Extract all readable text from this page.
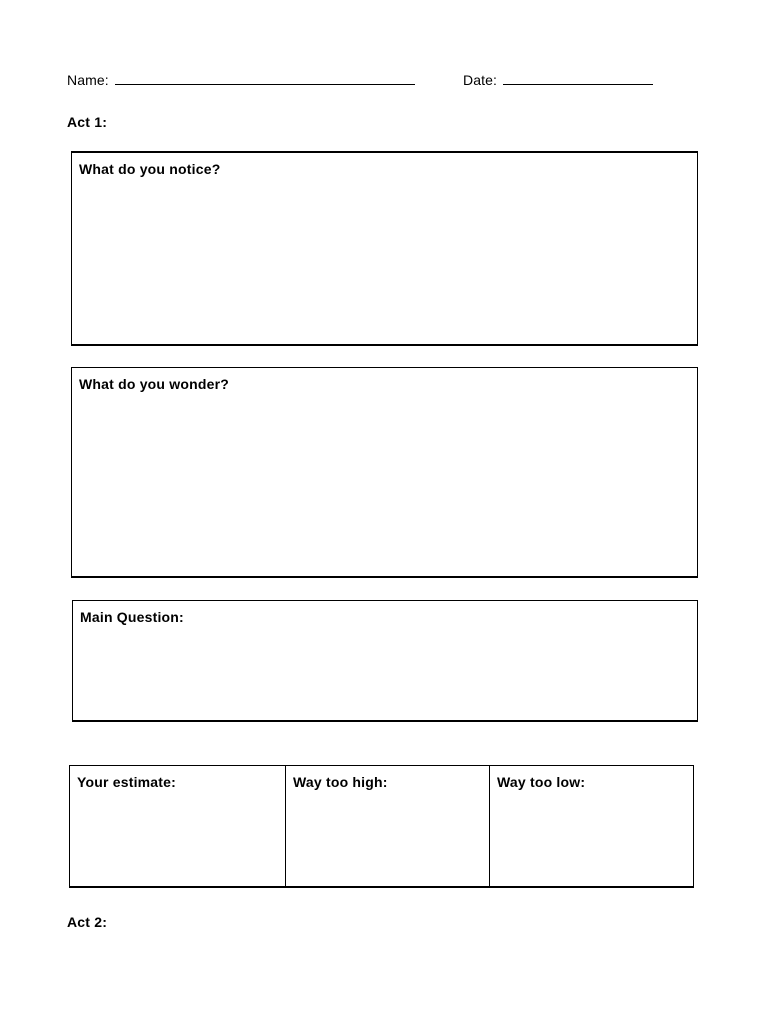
Name:	Date:
Act 1:
What do you notice?
What do you wonder?
Main Question:
Your estimate:	Way too high:	Way too low:
Act 2:
